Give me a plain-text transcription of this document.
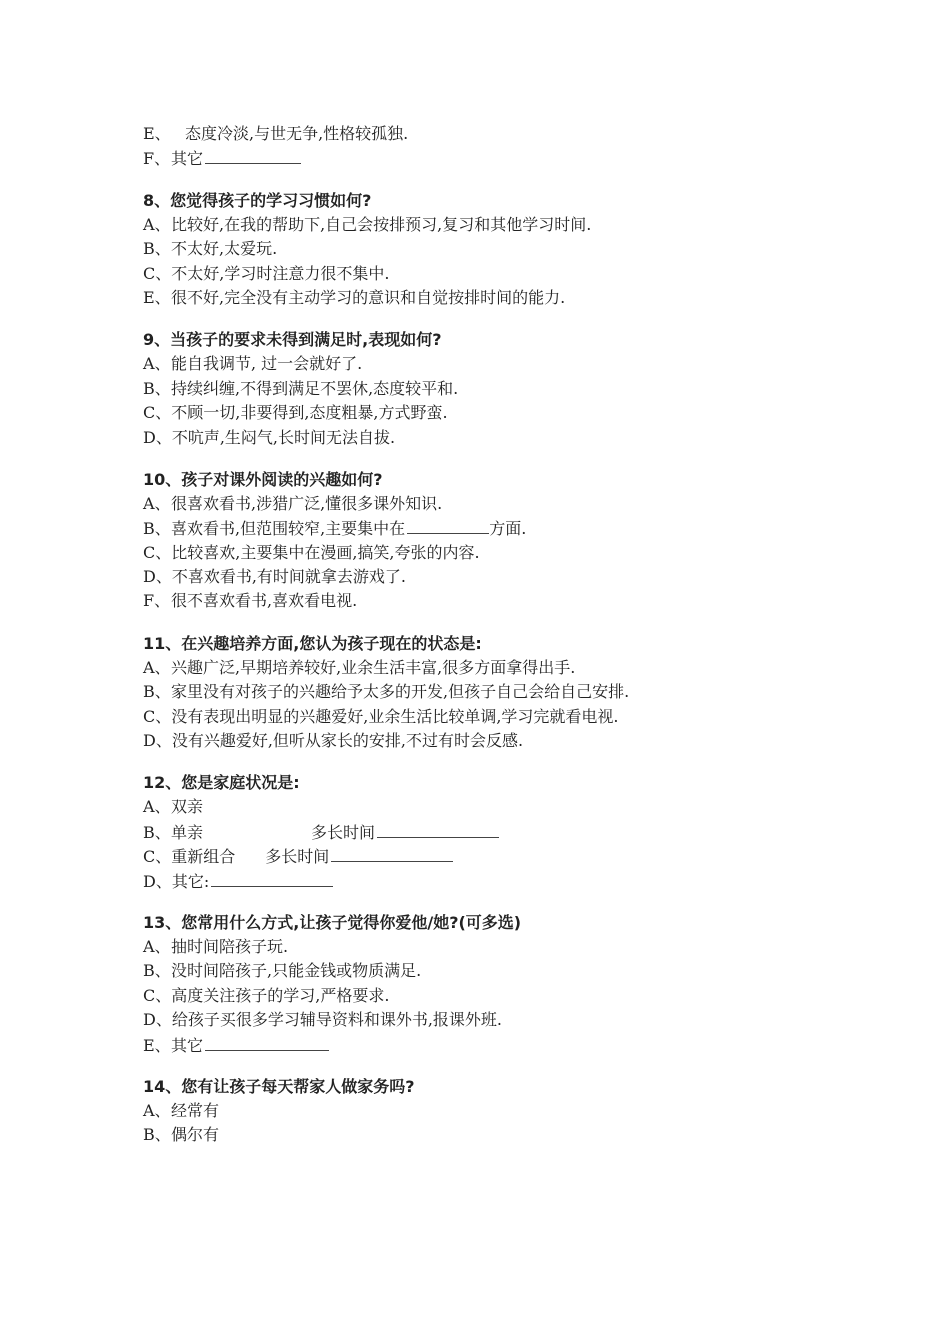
E、 态度冷淡,与世无争,性格较孤独.
F、其它
8、您觉得孩子的学习习惯如何?
A、比较好,在我的帮助下,自己会按排预习,复习和其他学习时间.
B、不太好,太爱玩.
C、不太好,学习时注意力很不集中.
E、很不好,完全没有主动学习的意识和自觉按排时间的能力.
9、当孩子的要求未得到满足时,表现如何?
A、能自我调节, 过一会就好了.
B、持续纠缠,不得到满足不罢休,态度较平和.
C、不顾一切,非要得到,态度粗暴,方式野蛮.
D、不吭声,生闷气,长时间无法自拔.
10、孩子对课外阅读的兴趣如何?
A、很喜欢看书,涉猎广泛,懂很多课外知识.
B、喜欢看书,但范围较窄,主要集中在	方面.
C、比较喜欢,主要集中在漫画,搞笑,夸张的内容.
D、不喜欢看书,有时间就拿去游戏了.
F、很不喜欢看书,喜欢看电视.
11、在兴趣培养方面,您认为孩子现在的状态是:
A、兴趣广泛,早期培养较好,业余生活丰富,很多方面拿得出手.
B、家里没有对孩子的兴趣给予太多的开发,但孩子自己会给自己安排.
C、没有表现出明显的兴趣爱好,业余生活比较单调,学习完就看电视.
D、没有兴趣爱好,但听从家长的安排,不过有时会反感.
12、您是家庭状况是:
A、双亲
B、单亲	多长时间
C、重新组合 多长时间
D、其它:
13、您常用什么方式,让孩子觉得你爱他/她?(可多选)
A、抽时间陪孩子玩.
B、没时间陪孩子,只能金钱或物质满足.
C、高度关注孩子的学习,严格要求.
D、给孩子买很多学习辅导资料和课外书,报课外班.
E、其它
14、您有让孩子每天帮家人做家务吗?
A、经常有
B、偶尔有
